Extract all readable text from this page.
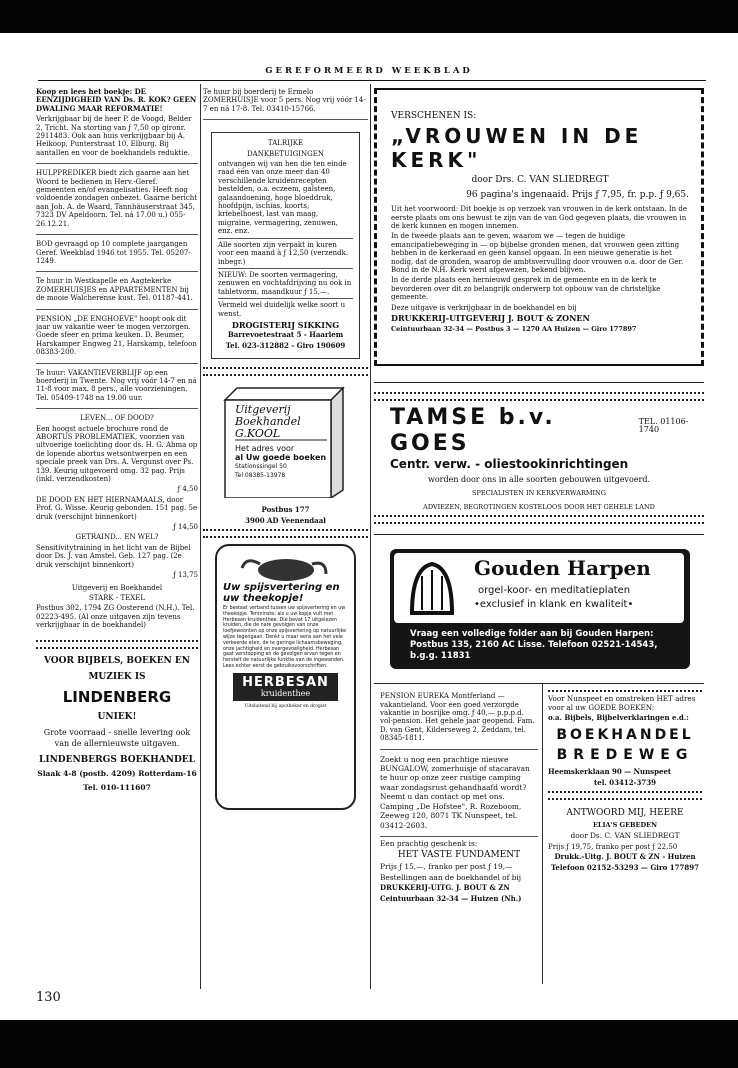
GEREFORMEERD WEEKBLAD

Koop en lees het boekje: DE EENZIJDIGHEID VAN Ds. R. KOK? GEEN DWALING MAAR REFORMATIE!

Verkrijgbaar bij de heer P. de Voogd, Belder 2, Tricht. Na storting van ƒ 7,50 op gironr. 2911483. Ook aan huis verkrijgbaar bij A. Heikoop, Punterstraat 10, Elburg. Bij aantallen en voor de boekhandels reduktie.

HULPPREDIKER biedt zich gaarne aan het Woord te bedienen in Herv.-Geref. gemeenten en/of evangelisaties. Heeft nog voldoende zondagen onbezet. Gaarne bericht aan Joh. A. de Waard, Tannhäuserstraat 345, 7323 DV Apeldoorn. Tel. ná 17.00 u.) 055-26.12.21.

BOD gevraagd op 10 complete jaargangen Geref. Weekblad 1946 tot 1955. Tel. 05207-1249.

Te huur in Westkapelle en Aagtekerke ZOMERHUISJES en APPARTEMENTEN bij de mooie Walcherense kust. Tel. 01187-441.

PENSION „DE ENGHOEVE" hoopt ook dit jaar uw vakantie weer te mogen verzorgen. Goede sfeer en prima keuken. D. Beumer, Harskamper Engweg 21, Harskamp, telefoon 08383-200.

Te huur: VAKANTIEVERBLIJF op een boerderij in Twente. Nog vrij vóór 14-7 en ná 11-8 voor max. 8 pers., alle voorzieningen. Tel. 05409-1748 na 19.00 uur.

LEVEN... OF DOOD?

Een hoogst actuele brochure rond de ABORTUS PROBLEMATIEK, voorzien van uitvoerige toelichting door ds. H. G. Abma op de lopende abortus wetsontwerpen en een speciale preek van Drs. A. Vergunst over Ps. 139. Keurig uitgevoerd omg. 32 pag. Prijs (inkl. verzendkosten)

ƒ 4,50

DE DOOD EN HET HIERNAMAALS, door Prof. G. Wisse. Keurig gebonden. 151 pag. 5e druk (verschijnt binnenkort)

ƒ 14,50

GETRAIND... EN WEL?

Sensitivitytraining in het licht van de Bijbel door Ds. J. van Amstel. Geb. 127 pag. (2e druk verschijnt binnenkort)

ƒ 13,75

Uitgeverij en Boekhandel

STARK - TEXEL

Postbus 302, 1794 ZG Oosterend (N.H.). Tel. 02223-495. (Al onze uitgaven zijn tevens verkrijgbaar in de boekhandel)

VOOR BIJBELS, BOEKEN EN

MUZIEK IS

LINDENBERG

UNIEK!

Grote voorraad - snelle levering ook van de allernieuwste uitgaven.

LINDENBERGS BOEKHANDEL

Slaak 4-8 (postb. 4209) Rotterdam-16

Tel. 010-111607

Te huur bij boerderij te Ermelo ZOMERHUISJE voor 5 pers. Nog vrij vóór 14-7 en ná 17-8. Tel. 03410-15766.

TALRIJKE

DANKBETUIGINGEN

ontvangen wij van hen die ten einde raad één van onze meer dan 40 verschillende kruidenrecepten bestelden, o.a. eczeem, galsteen, galaandoening, hoge bloeddruk, hoofdpijn, ischias, koorts, kriebelhoest, last van maag, migraine, vermagering, zenuwen, enz. enz.

Alle soorten zijn verpakt in kuren voor een maand à ƒ 12,50 (verzendk. inbegr.)

NIEUW: De soorten vermagering, zenuwen en vochtafdrijving nu ook in tabletvorm, maandkuur ƒ 15,—.

Vermeld wel duidelijk welke soort u wenst.

DROGISTERIJ SIKKING

Barrevoetestraat 5 - Haarlem

Tel. 023-312882 - Giro 190609

Uitgeverij
Boekhandel
G.KOOL
Het adres voor
al Uw goede boeken
Stationssingel 50
Tel 08385-13978

Postbus 177

3900 AD Veenendaal

Uw spijsvertering en uw theekopje!

Er bestaat verband tussen uw spijsvertering en uw theekopje. Tenminste: als u uw kopje vult met Herbesan kruidenthee. Die bevat 17 uitgelezen kruiden, die de nare gevolgen van onze loefjewoonten op onze spijsvertering op natuurlijke wijze tegengaan. Denkt u maar eens aan het vele verkeerde eten, de te geringe lichaamsbeweging, onze jachtigheid en overgevoeligheid. Herbesan gaat verstopping en de gevolgen ervan tegen en herstelt de natuurlijke funktie van de ingewanden. Lees echter eerst de gebruiksvoorschriften.

HERBESAN
kruidenthee

Uitsluitend bij apotheker en drogist

VERSCHENEN IS:

„VROUWEN IN DE KERK"

door Drs. C. VAN SLIEDREGT

96 pagina's ingenaaid. Prijs ƒ 7,95, fr. p.p. ƒ 9,65.

Uit het voorwoord: Dit boekje is op verzoek van vrouwen in de kerk ontstaan. In de eerste plaats om ons bewust te zijn van de van God gegeven plaats, die vrouwen in de kerk kunnen en mogen innemen.

In de tweede plaats aan te geven, waarom we — tegen de huidige emancipatiebeweging in — op bijbelse gronden menen, dat vrouwen geen zitting hebben in de kerkeraad en geen kansel opgaan. In een nieuwe generatie is het nodig, dat de gronden, waarop de ambtsvervulling door vrouwen o.a. door de Ger. Bond in de N.H. Kerk werd afgewezen, bekend blijven.

In de derde plaats een hernieuwd gesprek in de gemeente en in de kerk te bevorderen over dit zo belangrijk onderwerp tot opbouw van de christelijke gemeente.

Deze uitgave is verkrijgbaar in de boekhandel en bij

DRUKKERIJ-UITGEVERIJ J. BOUT & ZONEN

Ceintuurbaan 32-34 — Postbus 3 — 1270 AA Huizen — Giro 177897

TAMSE b.v. GOES
TEL. 01106-1740

Centr. verw. - oliestookinrichtingen

worden door ons in alle soorten gebouwen uitgevoerd.

SPECIALISTEN IN KERKVERWARMING

ADVIEZEN, BEGROTINGEN KOSTELOOS DOOR HET GEHELE LAND

Gouden Harpen
orgel-koor- en meditatieplaten
•exclusief in klank en kwaliteit•
Vraag een volledige folder aan bij Gouden Harpen: Postbus 135, 2160 AC Lisse. Telefoon 02521-14543, b.g.g. 11831

PENSION EUREKA Montferland — vakantieland. Voor een goed verzorgde vakantie in bosrijke omg. ƒ 40,— p.p.p.d. vol-pension. Het gehele jaar geopend. Fam. D. van Gent, Kilderseweg 2, Zeddam, tel. 08345-1811.

Zoekt u nog een prachtige nieuwe BUNGALOW, zomerhuisje of stacaravan te huur op onze zeer rustige camping waar zondagsrust gehandhaafd wordt? Neemt u dan contact op met ons. Camping „De Hofstee", R. Rozeboom, Zeeweg 120, 8071 TK Nunspeet, tel. 03412-2603.

Een prachtig geschenk is:

HET VASTE FUNDAMENT

Prijs ƒ 15,—, franko per post ƒ 19,—

Bestellingen aan de boekhandel of bij

DRUKKERIJ-UITG. J. BOUT & ZN

Ceintuurbaan 32-34 — Huizen (Nh.)

Voor Nunspeet en omstreken HET adres voor al uw GOEDE BOEKEN:

o.a. Bijbels, Bijbelverklaringen e.d.:

BOEKHANDEL

BREDEWEG

Heemskerklaan 90 — Nunspeet

tel. 03412-3739

ANTWOORD MIJ, HEERE

ELIA'S GEBEDEN

door Ds. C. VAN SLIEDREGT

Prijs ƒ 19,75, franko per post ƒ 22,50

Drukk.-Uitg. J. BOUT & ZN - Huizen

Telefoon 02152-53293 — Giro 177897

130
